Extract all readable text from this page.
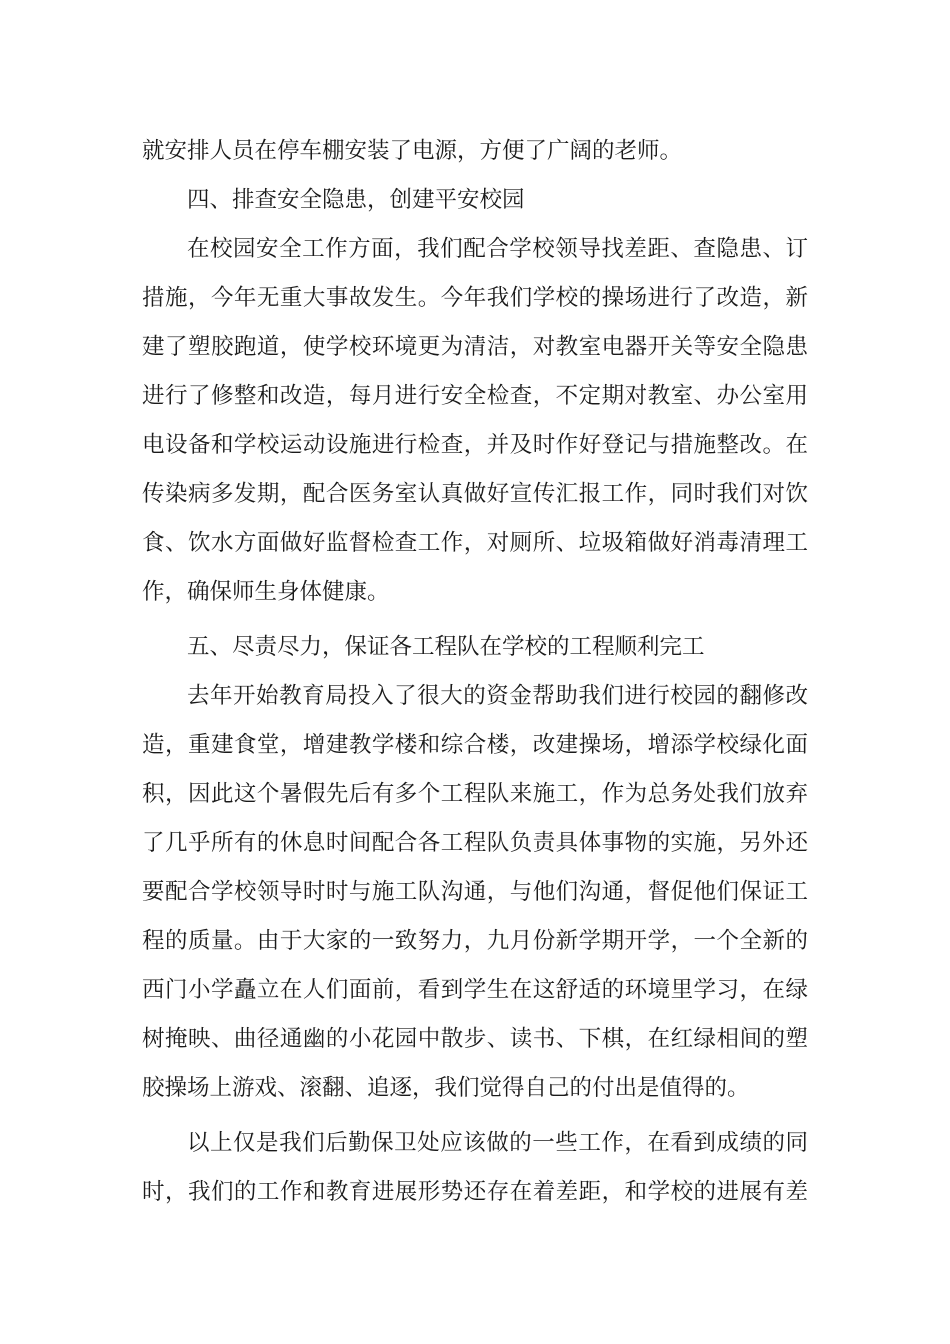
就安排人员在停车棚安装了电源，方便了广阔的老师。
四、排查安全隐患，创建平安校园
在校园安全工作方面，我们配合学校领导找差距、查隐患、订
措施，今年无重大事故发生。今年我们学校的操场进行了改造，新
建了塑胶跑道，使学校环境更为清洁，对教室电器开关等安全隐患
进行了修整和改造，每月进行安全检查，不定期对教室、办公室用
电设备和学校运动设施进行检查，并及时作好登记与措施整改。在
传染病多发期，配合医务室认真做好宣传汇报工作，同时我们对饮
食、饮水方面做好监督检查工作，对厕所、垃圾箱做好消毒清理工
作，确保师生身体健康。
五、尽责尽力，保证各工程队在学校的工程顺利完工
去年开始教育局投入了很大的资金帮助我们进行校园的翻修改
造，重建食堂，增建教学楼和综合楼，改建操场，增添学校绿化面
积，因此这个暑假先后有多个工程队来施工，作为总务处我们放弃
了几乎所有的休息时间配合各工程队负责具体事物的实施，另外还
要配合学校领导时时与施工队沟通，与他们沟通，督促他们保证工
程的质量。由于大家的一致努力，九月份新学期开学，一个全新的
西门小学矗立在人们面前，看到学生在这舒适的环境里学习，在绿
树掩映、曲径通幽的小花园中散步、读书、下棋，在红绿相间的塑
胶操场上游戏、滚翻、追逐，我们觉得自己的付出是值得的。
以上仅是我们后勤保卫处应该做的一些工作，在看到成绩的同
时，我们的工作和教育进展形势还存在着差距，和学校的进展有差
